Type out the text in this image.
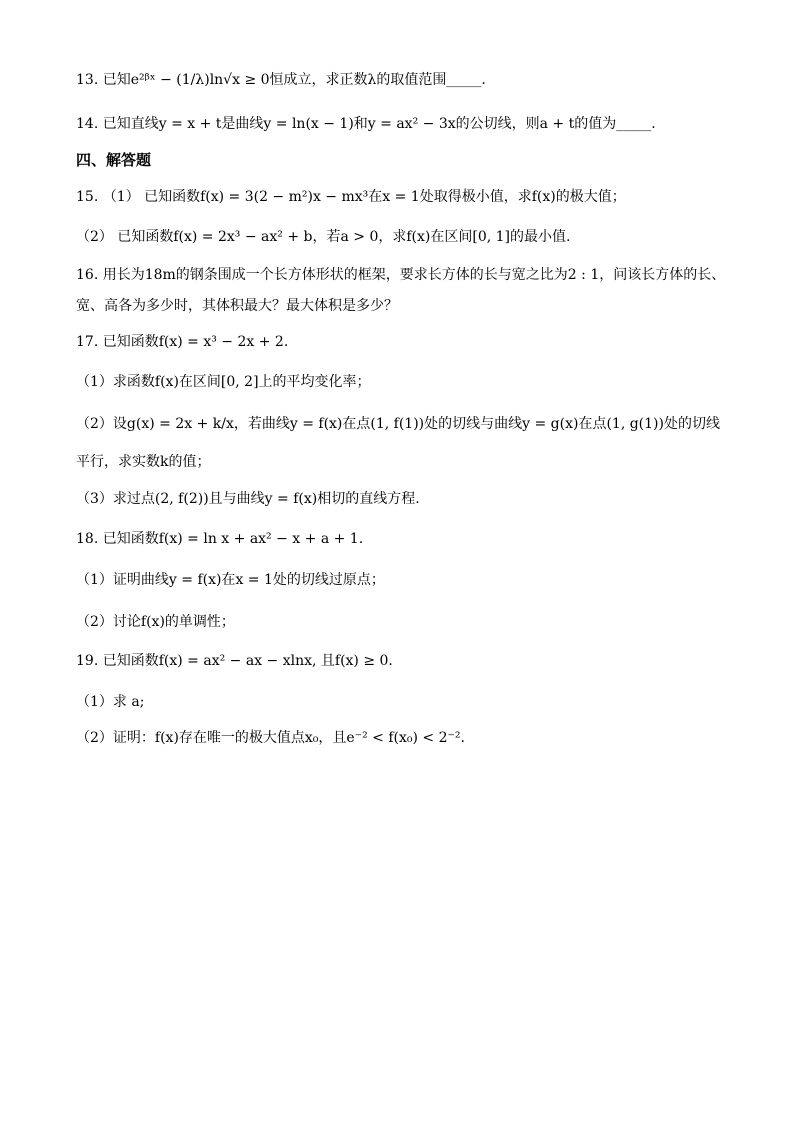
13. 已知e²ᵝˣ − (1/λ)ln√x ≥ 0恒成立，求正数λ的取值范围_____.
14. 已知直线y = x + t是曲线y = ln(x − 1)和y = ax² − 3x的公切线，则a + t的值为_____.
四、解答题
15. （1） 已知函数f(x) = 3(2 − m²)x − mx³在x = 1处取得极小值，求f(x)的极大值；
（2） 已知函数f(x) = 2x³ − ax² + b，若a > 0，求f(x)在区间[0, 1]的最小值.
16. 用长为18m的钢条围成一个长方体形状的框架，要求长方体的长与宽之比为2 : 1，问该长方体的长、
宽、高各为多少时，其体积最大？最大体积是多少？
17. 已知函数f(x) = x³ − 2x + 2.
（1）求函数f(x)在区间[0, 2]上的平均变化率；
（2）设g(x) = 2x + k/x，若曲线y = f(x)在点(1, f(1))处的切线与曲线y = g(x)在点(1, g(1))处的切线
平行，求实数k的值；
（3）求过点(2, f(2))且与曲线y = f(x)相切的直线方程.
18. 已知函数f(x) = ln x + ax² − x + a + 1.
（1）证明曲线y = f(x)在x = 1处的切线过原点；
（2）讨论f(x)的单调性；
19. 已知函数f(x) = ax² − ax − xlnx, 且f(x) ≥ 0.
（1）求 a;
（2）证明：f(x)存在唯一的极大值点x₀，且e⁻² < f(x₀) < 2⁻².
